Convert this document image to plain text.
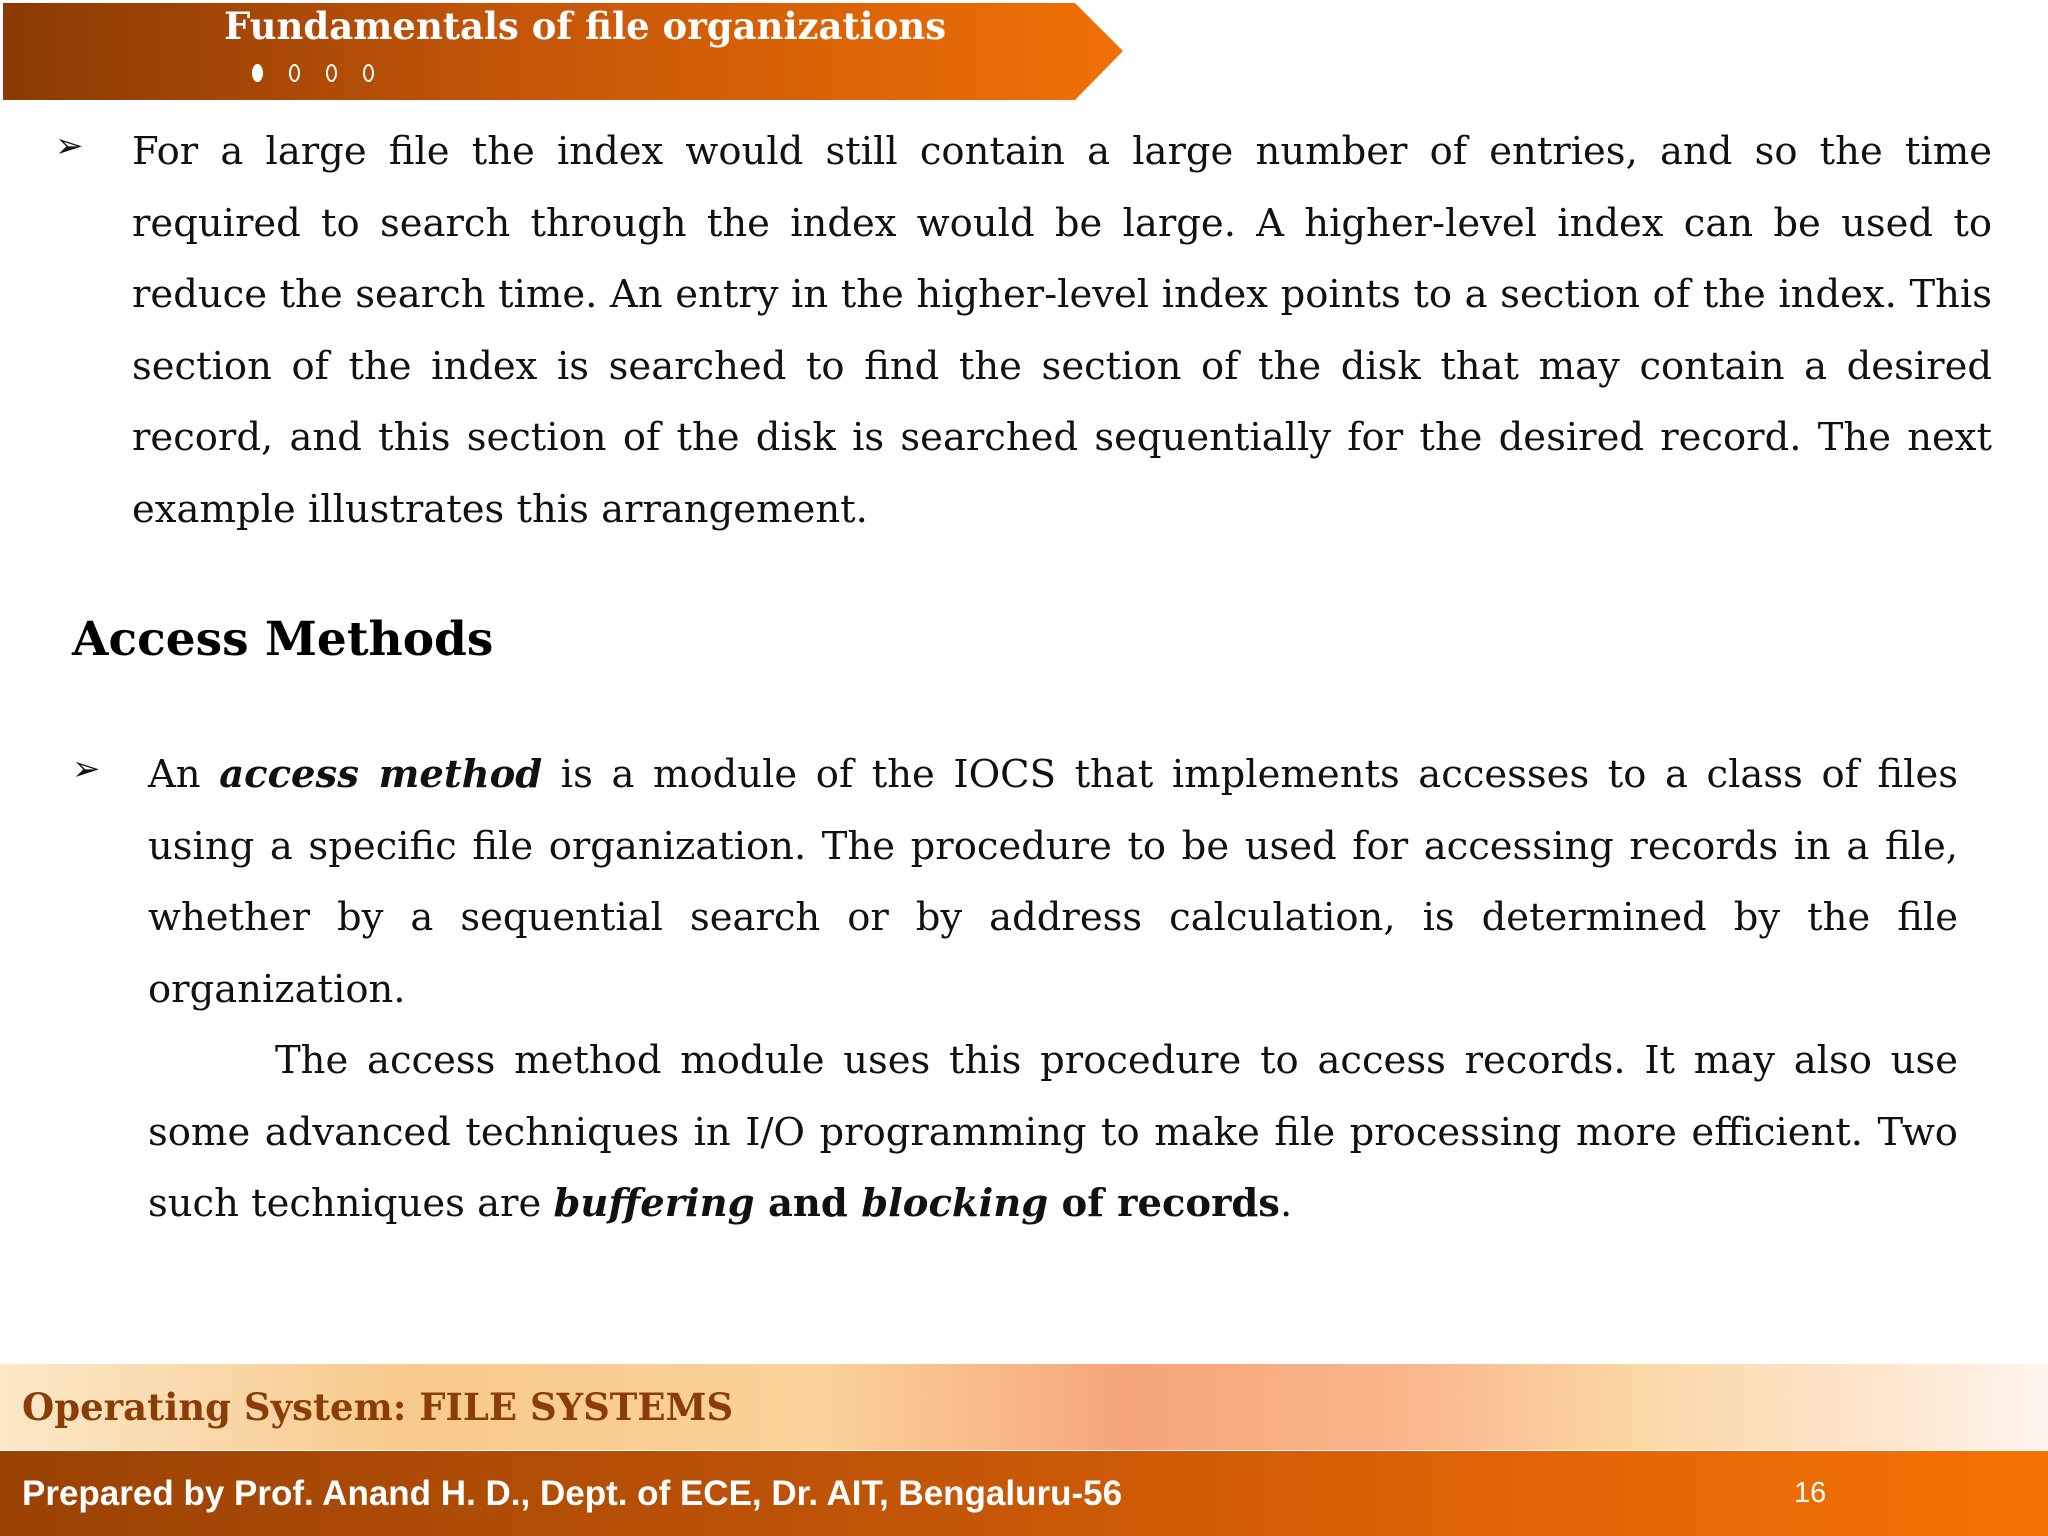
Fundamentals of file organizations
➢ For a large file the index would still contain a large number of entries, and so the time required to search through the index would be large. A higher-level index can be used to reduce the search time. An entry in the higher-level index points to a section of the index. This section of the index is searched to find the section of the disk that may contain a desired record, and this section of the disk is searched sequentially for the desired record. The next example illustrates this arrangement.

Access Methods
➢ An access method is a module of the IOCS that implements accesses to a class of files using a specific file organization. The procedure to be used for accessing records in a file, whether by a sequential search or by address calculation, is determined by the file organization.

The access method module uses this procedure to access records. It may also use some advanced techniques in I/O programming to make file processing more efficient. Two such techniques are buffering and blocking of records.

Operating System: FILE SYSTEMS
Prepared by Prof. Anand H. D., Dept. of ECE, Dr. AIT, Bengaluru-56	16
